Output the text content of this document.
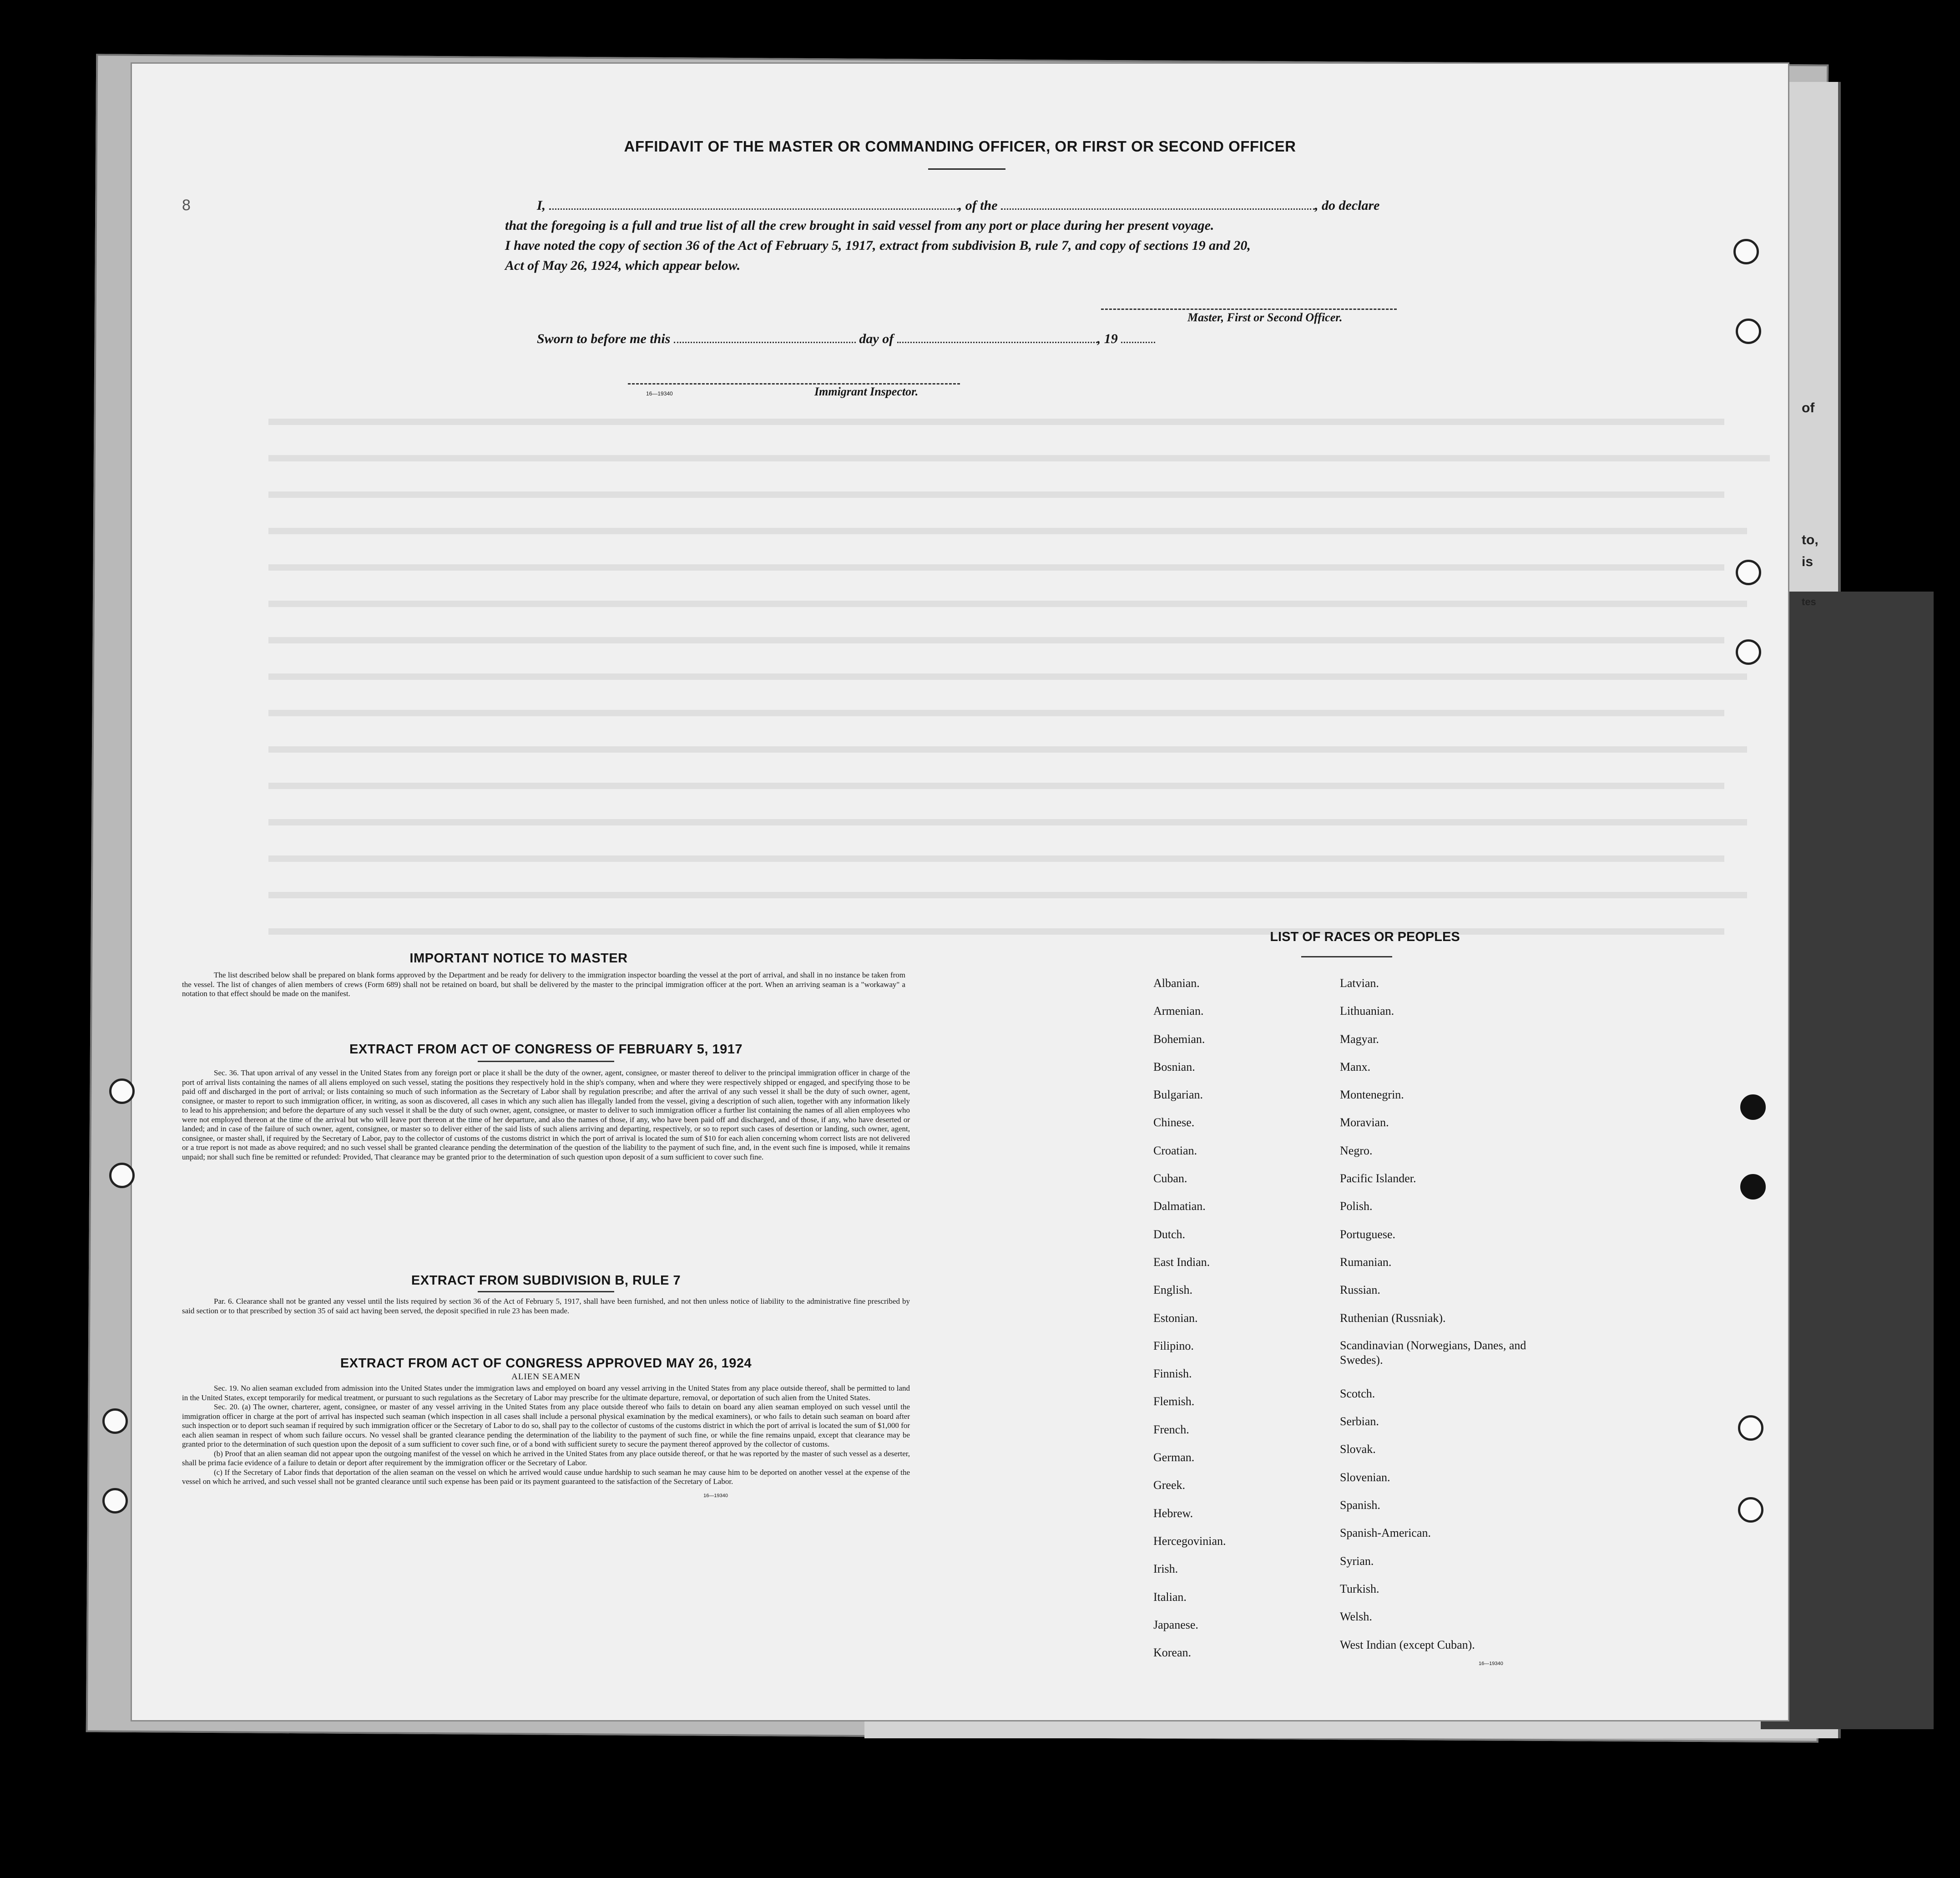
of
to,
is
tes
8
AFFIDAVIT OF THE MASTER OR COMMANDING OFFICER, OR FIRST OR SECOND OFFICER
I,	, of the	, do declare
that the foregoing is a full and true list of all the crew brought in said vessel from any port or place during her present voyage.
I have noted the copy of section 36 of the Act of February 5, 1917, extract from subdivision B, rule 7, and copy of sections 19 and 20,
Act of May 26, 1924, which appear below.
Master, First or Second Officer.
Sworn to before me this	day of	, 19
16—19340	Immigrant Inspector.
IMPORTANT NOTICE TO MASTER

The list described below shall be prepared on blank forms approved by the Department and be ready for delivery to the immigration inspector boarding the vessel at the port of arrival, and shall in no instance be taken from the vessel. The list of changes of alien members of crews (Form 689) shall not be retained on board, but shall be delivered by the master to the principal immigration officer at the port. When an arriving seaman is a "workaway" a notation to that effect should be made on the manifest.

EXTRACT FROM ACT OF CONGRESS OF FEBRUARY 5, 1917

Sec. 36. That upon arrival of any vessel in the United States from any foreign port or place it shall be the duty of the owner, agent, consignee, or master thereof to deliver to the principal immigration officer in charge of the port of arrival lists containing the names of all aliens employed on such vessel, stating the positions they respectively hold in the ship's company, when and where they were respectively shipped or engaged, and specifying those to be paid off and discharged in the port of arrival; or lists containing so much of such information as the Secretary of Labor shall by regulation prescribe; and after the arrival of any such vessel it shall be the duty of such owner, agent, consignee, or master to report to such immigration officer, in writing, as soon as discovered, all cases in which any such alien has illegally landed from the vessel, giving a description of such alien, together with any information likely to lead to his apprehension; and before the departure of any such vessel it shall be the duty of such owner, agent, consignee, or master to deliver to such immigration officer a further list containing the names of all alien employees who were not employed thereon at the time of the arrival but who will leave port thereon at the time of her departure, and also the names of those, if any, who have been paid off and discharged, and of those, if any, who have deserted or landed; and in case of the failure of such owner, agent, consignee, or master so to deliver either of the said lists of such aliens arriving and departing, respectively, or so to report such cases of desertion or landing, such owner, agent, consignee, or master shall, if required by the Secretary of Labor, pay to the collector of customs of the customs district in which the port of arrival is located the sum of $10 for each alien concerning whom correct lists are not delivered or a true report is not made as above required; and no such vessel shall be granted clearance pending the determination of the question of the liability to the payment of such fine, and, in the event such fine is imposed, while it remains unpaid; nor shall such fine be remitted or refunded: Provided, That clearance may be granted prior to the determination of such question upon deposit of a sum sufficient to cover such fine.

EXTRACT FROM SUBDIVISION B, RULE 7

Par. 6. Clearance shall not be granted any vessel until the lists required by section 36 of the Act of February 5, 1917, shall have been furnished, and not then unless notice of liability to the administrative fine prescribed by said section or to that prescribed by section 35 of said act having been served, the deposit specified in rule 23 has been made.

EXTRACT FROM ACT OF CONGRESS APPROVED MAY 26, 1924
ALIEN SEAMEN

Sec. 19. No alien seaman excluded from admission into the United States under the immigration laws and employed on board any vessel arriving in the United States from any place outside thereof, shall be permitted to land in the United States, except temporarily for medical treatment, or pursuant to such regulations as the Secretary of Labor may prescribe for the ultimate departure, removal, or deportation of such alien from the United States.

Sec. 20. (a) The owner, charterer, agent, consignee, or master of any vessel arriving in the United States from any place outside thereof who fails to detain on board any alien seaman employed on such vessel until the immigration officer in charge at the port of arrival has inspected such seaman (which inspection in all cases shall include a personal physical examination by the medical examiners), or who fails to detain such seaman on board after such inspection or to deport such seaman if required by such immigration officer or the Secretary of Labor to do so, shall pay to the collector of customs of the customs district in which the port of arrival is located the sum of $1,000 for each alien seaman in respect of whom such failure occurs. No vessel shall be granted clearance pending the determination of the liability to the payment of such fine, or while the fine remains unpaid, except that clearance may be granted prior to the determination of such question upon the deposit of a sum sufficient to cover such fine, or of a bond with sufficient surety to secure the payment thereof approved by the collector of customs.

(b) Proof that an alien seaman did not appear upon the outgoing manifest of the vessel on which he arrived in the United States from any place outside thereof, or that he was reported by the master of such vessel as a deserter, shall be prima facie evidence of a failure to detain or deport after requirement by the immigration officer or the Secretary of Labor.

(c) If the Secretary of Labor finds that deportation of the alien seaman on the vessel on which he arrived would cause undue hardship to such seaman he may cause him to be deported on another vessel at the expense of the vessel on which he arrived, and such vessel shall not be granted clearance until such expense has been paid or its payment guaranteed to the satisfaction of the Secretary of Labor.

16—19340
LIST OF RACES OR PEOPLES
Albanian.
Armenian.
Bohemian.
Bosnian.
Bulgarian.
Chinese.
Croatian.
Cuban.
Dalmatian.
Dutch.
East Indian.
English.
Estonian.
Filipino.
Finnish.
Flemish.
French.
German.
Greek.
Hebrew.
Hercegovinian.
Irish.
Italian.
Japanese.
Korean.
Latvian.
Lithuanian.
Magyar.
Manx.
Montenegrin.
Moravian.
Negro.
Pacific Islander.
Polish.
Portuguese.
Rumanian.
Russian.
Ruthenian (Russniak).
Scandinavian (Norwegians, Danes, and Swedes).
Scotch.
Serbian.
Slovak.
Slovenian.
Spanish.
Spanish-American.
Syrian.
Turkish.
Welsh.
West Indian (except Cuban).
16—19340
